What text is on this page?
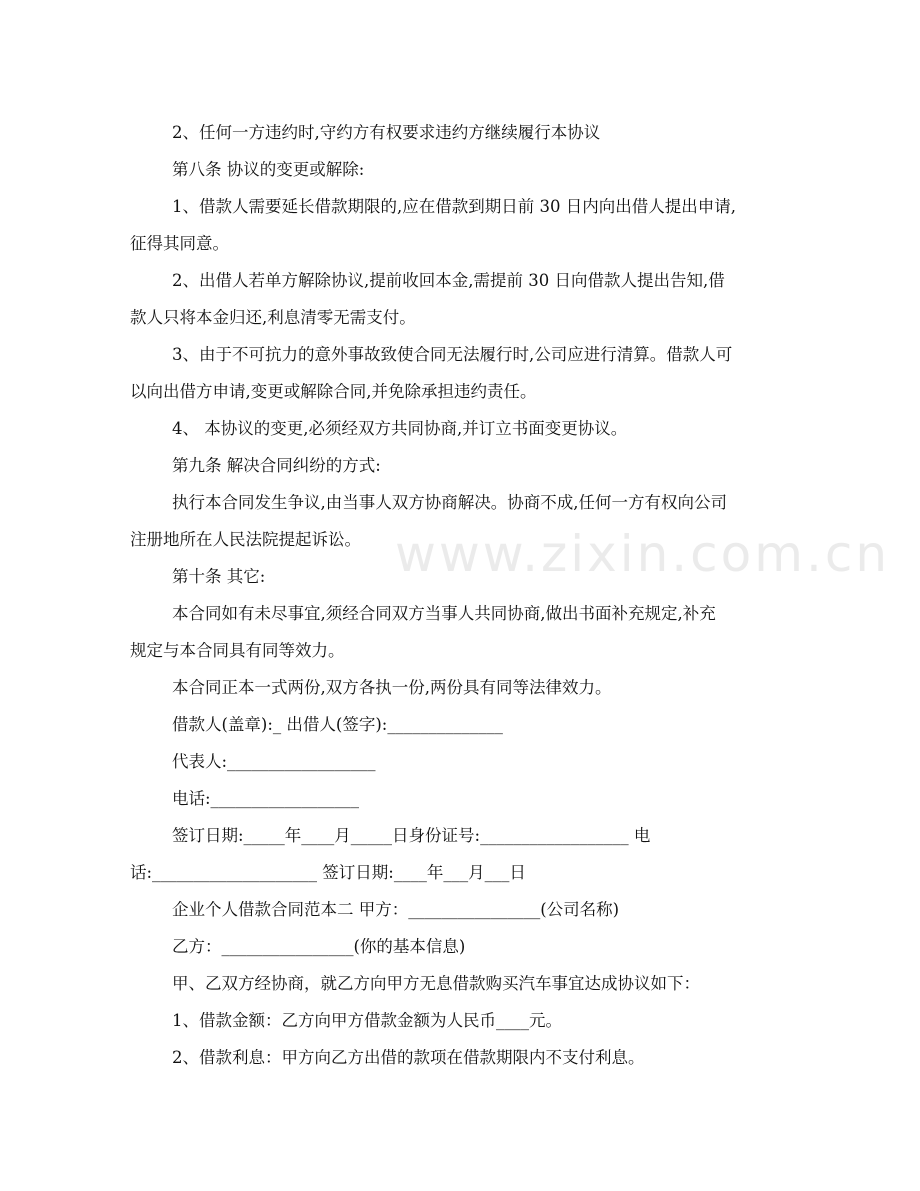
www.zixin.com.cn

2、任何一方违约时,守约方有权要求违约方继续履行本协议

第八条 协议的变更或解除:

1、借款人需要延长借款期限的,应在借款到期日前 30 日内向出借人提出申请,

征得其同意。

2、出借人若单方解除协议,提前收回本金,需提前 30 日向借款人提出告知,借

款人只将本金归还,利息清零无需支付。

3、由于不可抗力的意外事故致使合同无法履行时,公司应进行清算。借款人可

以向出借方申请,变更或解除合同,并免除承担违约责任。

4、 本协议的变更,必须经双方共同协商,并订立书面变更协议。

第九条 解决合同纠纷的方式:

执行本合同发生争议,由当事人双方协商解决。协商不成,任何一方有权向公司

注册地所在人民法院提起诉讼。

第十条 其它:

本合同如有未尽事宜,须经合同双方当事人共同协商,做出书面补充规定,补充

规定与本合同具有同等效力。

本合同正本一式两份,双方各执一份,两份具有同等法律效力。

借款人(盖章):_ 出借人(签字):______________

代表人:__________________

电话:__________________

签订日期:_____年____月_____日身份证号:__________________ 电

话:____________________ 签订日期:____年___月___日

企业个人借款合同范本二 甲方：________________(公司名称)

乙方：________________(你的基本信息)

甲、乙双方经协商，就乙方向甲方无息借款购买汽车事宜达成协议如下：

1、借款金额：乙方向甲方借款金额为人民币____元。

2、借款利息：甲方向乙方出借的款项在借款期限内不支付利息。
